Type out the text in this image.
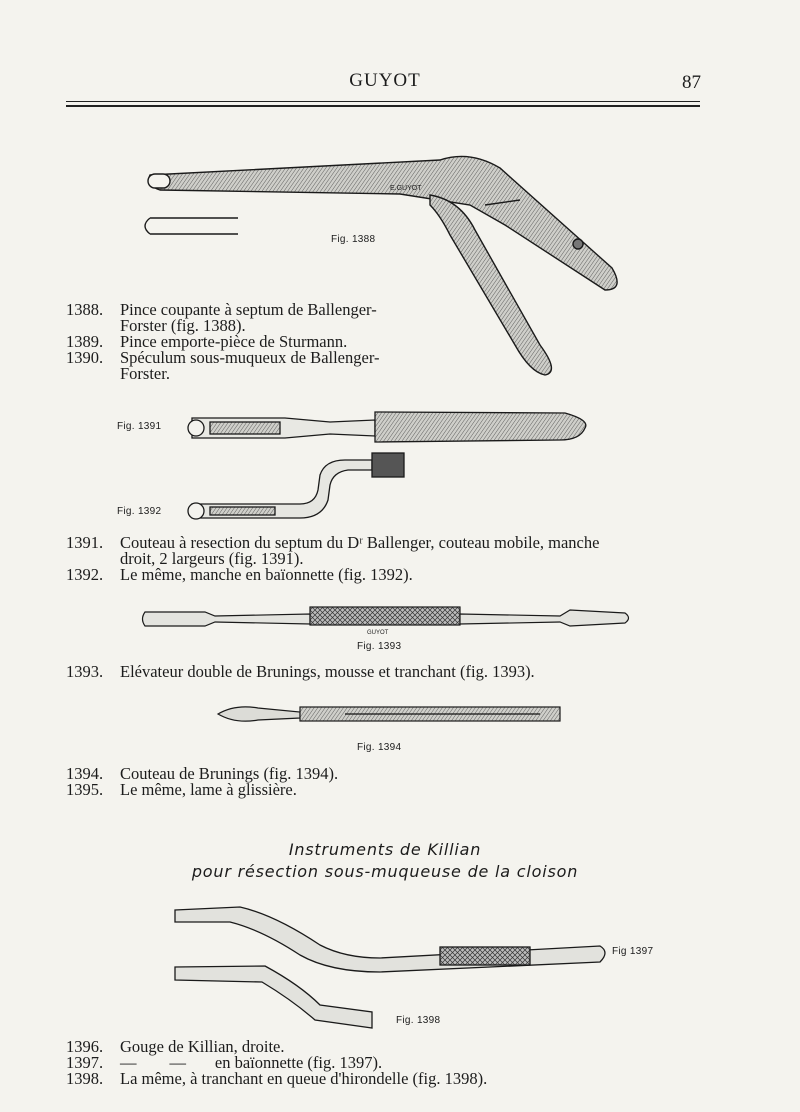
GUYOT	87
E.GUYOT
GUYOT
Fig. 1388
Fig. 1391
Fig. 1392
Fig. 1393
Fig. 1394
Fig 1397
Fig. 1398
1388. Pince coupante à septum de Ballenger-
Forster (fig. 1388).
1389. Pince emporte-pièce de Sturmann.
1390. Spéculum sous-muqueux de Ballenger-
Forster.
1391. Couteau à resection du septum du Dʳ Ballenger, couteau mobile, manche
droit, 2 largeurs (fig. 1391).
1392. Le même, manche en baïonnette (fig. 1392).
1393. Elévateur double de Brunings, mousse et tranchant (fig. 1393).
1394. Couteau de Brunings (fig. 1394).
1395. Le même, lame à glissière.
Instruments de Killian
pour résection sous-muqueuse de la cloison
1396. Gouge de Killian, droite.
1397. —        —       en baïonnette (fig. 1397).
1398. La même, à tranchant en queue d'hirondelle (fig. 1398).
